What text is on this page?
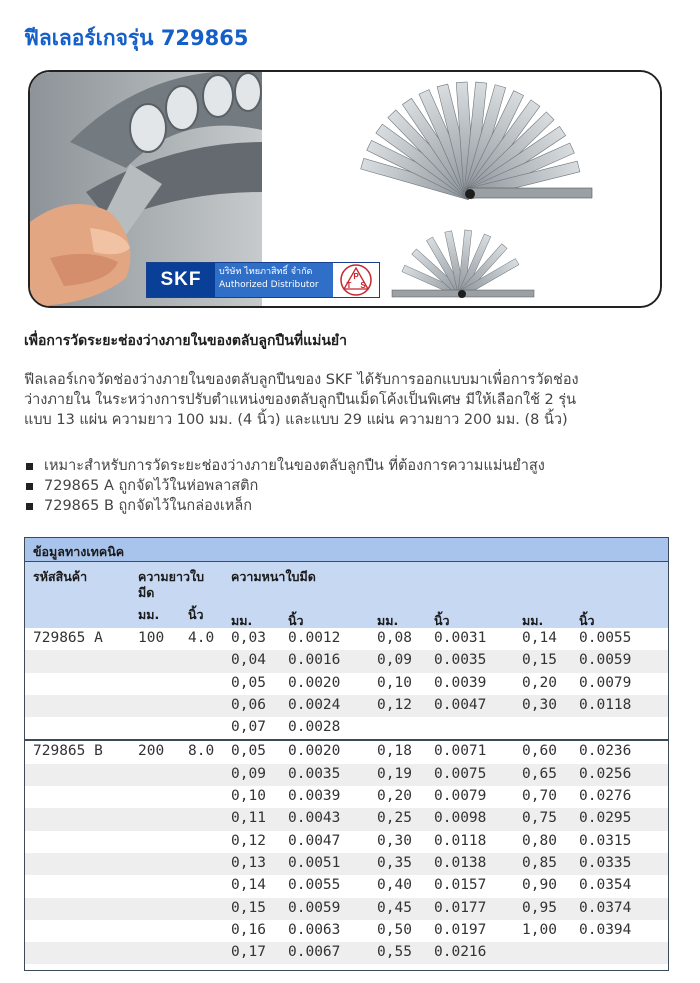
ฟีลเลอร์เกจรุ่น 729865
SKF บริษัท ไทยภาสิทธิ์ จำกัด
Authorized Distributor
P
T S
เพื่อการวัดระยะช่องว่างภายในของตลับลูกปืนที่แม่นยำ
ฟีลเลอร์เกจวัดช่องว่างภายในของตลับลูกปืนของ SKF ได้รับการออกแบบมาเพื่อการวัดช่อง
ว่างภายใน ในระหว่างการปรับตำแหน่งของตลับลูกปืนเม็ดโค้งเป็นพิเศษ มีให้เลือกใช้ 2 รุ่น
แบบ 13 แผ่น ความยาว 100 มม. (4 นิ้ว) และแบบ 29 แผ่น ความยาว 200 มม. (8 นิ้ว)
เหมาะสำหรับการวัดระยะช่องว่างภายในของตลับลูกปืน ที่ต้องการความแม่นยำสูง
729865 A ถูกจัดไว้ในห่อพลาสติก
729865 B ถูกจัดไว้ในกล่องเหล็ก
ข้อมูลทางเทคนิค
รหัสสินค้า	ความยาวใบ
มีด
ความหนาใบมีด
มม. นิ้ว มม.	นิ้ว	มม.	นิ้ว	มม.	นิ้ว
729865 A 100 4.0 0,03 0.0012	0,08 0.0031 0,14 0.0055
0,04 0.0016	0,09 0.0035 0,15 0.0059
0,05 0.0020	0,10 0.0039 0,20 0.0079
0,06 0.0024	0,12 0.0047 0,30 0.0118
0,07 0.0028
729865 B 200 8.0 0,05 0.0020	0,18 0.0071 0,60 0.0236
0,09 0.0035	0,19 0.0075 0,65 0.0256
0,10 0.0039	0,20 0.0079 0,70 0.0276
0,11 0.0043	0,25 0.0098 0,75 0.0295
0,12 0.0047	0,30 0.0118 0,80 0.0315
0,13 0.0051	0,35 0.0138 0,85 0.0335
0,14 0.0055	0,40 0.0157 0,90 0.0354
0,15 0.0059	0,45 0.0177 0,95 0.0374
0,16 0.0063	0,50 0.0197 1,00 0.0394
0,17 0.0067	0,55 0.0216
